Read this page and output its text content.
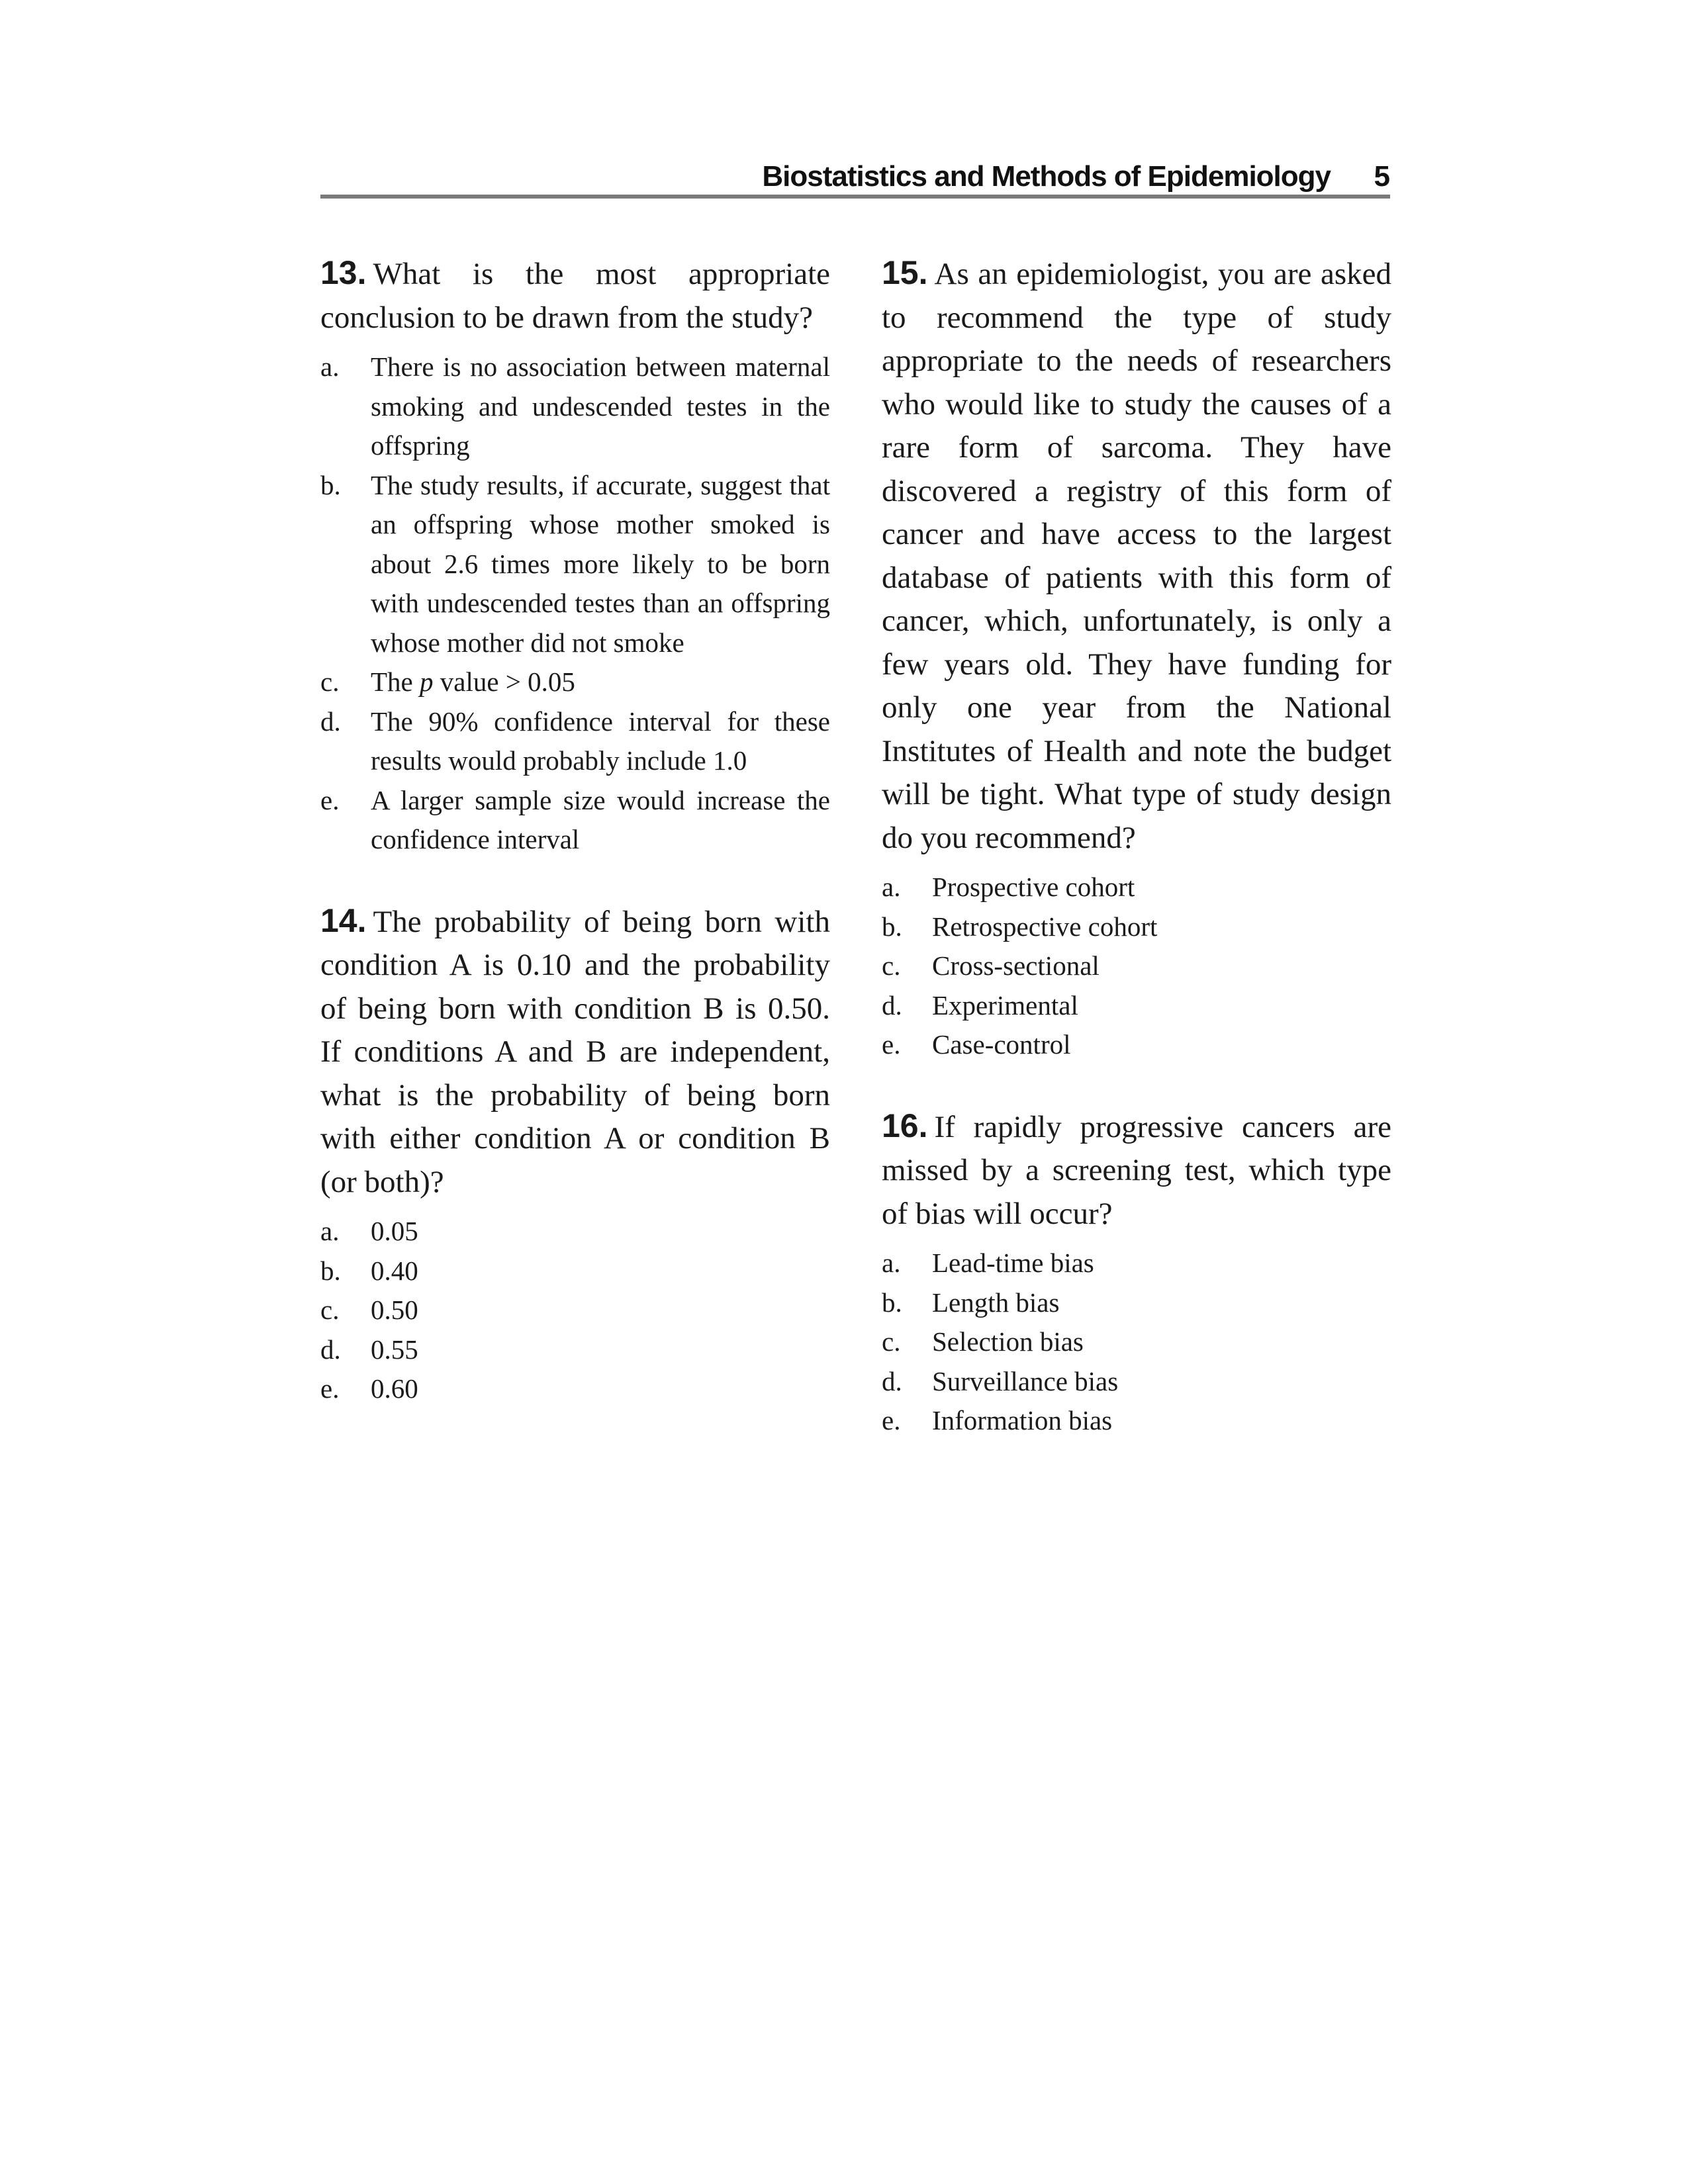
Biostatistics and Methods of Epidemiology 5

13. What is the most appropriate conclusion to be drawn from the study?

a.	There is no association between maternal smoking and undescended testes in the offspring
b.	The study results, if accurate, suggest that an offspring whose mother smoked is about 2.6 times more likely to be born with undescended testes than an offspring whose mother did not smoke
c.	The p value > 0.05
d.	The 90% confidence interval for these results would probably include 1.0
e.	A larger sample size would increase the confidence interval

14. The probability of being born with condition A is 0.10 and the probability of being born with condition B is 0.50. If conditions A and B are independent, what is the probability of being born with either condition A or condition B (or both)?

a.	0.05
b.	0.40
c.	0.50
d.	0.55
e.	0.60

15. As an epidemiologist, you are asked to recommend the type of study appropriate to the needs of researchers who would like to study the causes of a rare form of sarcoma. They have discovered a registry of this form of cancer and have access to the largest database of patients with this form of cancer, which, unfortunately, is only a few years old. They have funding for only one year from the National Institutes of Health and note the budget will be tight. What type of study design do you recommend?

a.	Prospective cohort
b.	Retrospective cohort
c.	Cross-sectional
d.	Experimental
e.	Case-control

16. If rapidly progressive cancers are missed by a screening test, which type of bias will occur?

a.	Lead-time bias
b.	Length bias
c.	Selection bias
d.	Surveillance bias
e.	Information bias
